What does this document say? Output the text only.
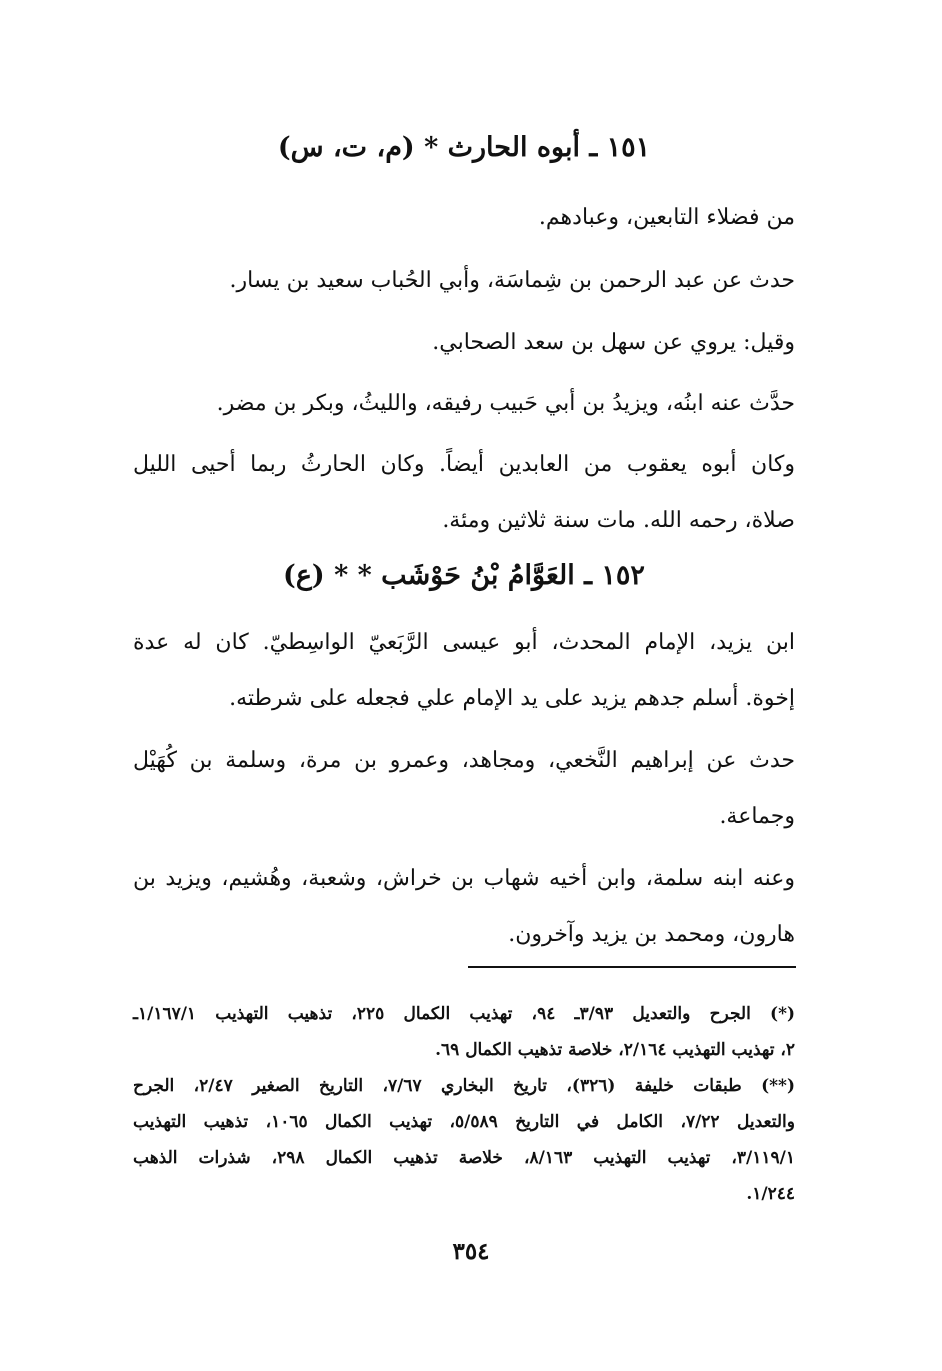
١٥١ ـ أبوه الحارث * (م، ت، س)
من فضلاء التابعين، وعبادهم.
حدث عن عبد الرحمن بن شِماسَة، وأبي الحُباب سعيد بن يسار.
وقيل: يروي عن سهل بن سعد الصحابي.
حدَّث عنه ابنُه، ويزيدُ بن أبي حَبيب رفيقه، والليثُ، وبكر بن مضر.
وكان أبوه يعقوب من العابدين أيضاً. وكان الحارثُ ربما أحيى الليل
صلاة، رحمه الله. مات سنة ثلاثين ومئة.
١٥٢ ـ العَوَّامُ بْنُ حَوْشَب * * (ع)
ابن يزيد، الإمام المحدث، أبو عيسى الرَّبَعيّ الواسِطيّ. كان له عدة
إخوة. أسلم جدهم يزيد على يد الإمام علي فجعله على شرطته.
حدث عن إبراهيم النَّخعي، ومجاهد، وعمرو بن مرة، وسلمة بن كُهَيْل
وجماعة.
وعنه ابنه سلمة، وابن أخيه شهاب بن خراش، وشعبة، وهُشيم، ويزيد بن
هارون، ومحمد بن يزيد وآخرون.
(*) الجرح والتعديل ٣/٩٣ـ ٩٤، تهذيب الكمال ٢٢٥، تذهيب التهذيب ١/١٦٧/١ـ
٢، تهذيب التهذيب ٢/١٦٤، خلاصة تذهيب الكمال ٦٩.
(**) طبقات خليفة (٣٢٦)، تاريخ البخاري ٧/٦٧، التاريخ الصغير ٢/٤٧، الجرح
والتعديل ٧/٢٢، الكامل في التاريخ ٥/٥٨٩، تهذيب الكمال ١٠٦٥، تذهيب التهذيب
٣/١١٩/١، تهذيب التهذيب ٨/١٦٣، خلاصة تذهيب الكمال ٢٩٨، شذرات الذهب
١/٢٤٤.
٣٥٤
